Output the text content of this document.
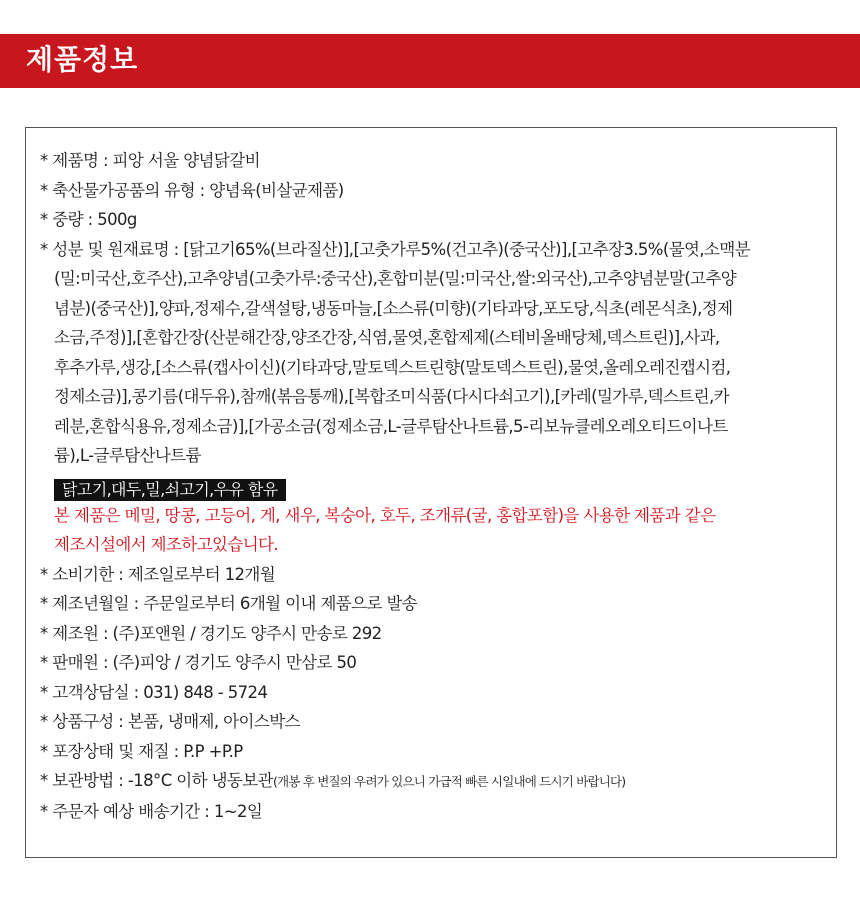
제품정보
* 제품명 : 피앙 서울 양념닭갈비
* 축산물가공품의 유형 : 양념육(비살균제품)
* 중량 : 500g
* 성분 및 원재료명 : [닭고기65%(브라질산)],[고춧가루5%(건고추)(중국산)],[고추장3.5%(물엿,소맥분
(밀:미국산,호주산),고추양념(고춧가루:중국산),혼합미분(밀:미국산,쌀:외국산),고추양념분말(고추양
념분)(중국산)],양파,정제수,갈색설탕,냉동마늘,[소스류(미향)(기타과당,포도당,식초(레몬식초),정제
소금,주정)],[혼합간장(산분해간장,양조간장,식염,물엿,혼합제제(스테비올배당체,덱스트린)],사과,
후추가루,생강,[소스류(캡사이신)(기타과당,말토덱스트린향(말토덱스트린),물엿,올레오레진캡시컴,
정제소금)],콩기름(대두유),참깨(볶음통깨),[복합조미식품(다시다쇠고기),[카레(밀가루,덱스트린,카
레분,혼합식용유,정제소금)],[가공소금(정제소금,L-글루탐산나트륨,5-리보뉴클레오레오티드이나트
륨),L-글루탐산나트륨
닭고기,대두,밀,쇠고기,우유 함유
본 제품은 메밀, 땅콩, 고등어, 게, 새우, 복숭아, 호두, 조개류(굴, 홍합포함)을 사용한 제품과 같은
제조시설에서 제조하고있습니다.
* 소비기한 : 제조일로부터 12개월
* 제조년월일 : 주문일로부터 6개월 이내 제품으로 발송
* 제조원 : (주)포앤원 / 경기도 양주시 만송로 292
* 판매원 : (주)피앙 / 경기도 양주시 만삼로 50
* 고객상담실 : 031) 848 - 5724
* 상품구성 : 본품, 냉매제, 아이스박스
* 포장상태 및 재질 : P.P +P.P
* 보관방법 : -18°C 이하 냉동보관(개봉 후 변질의 우려가 있으니 가급적 빠른 시일내에 드시기 바랍니다)
* 주문자 예상 배송기간 : 1~2일
